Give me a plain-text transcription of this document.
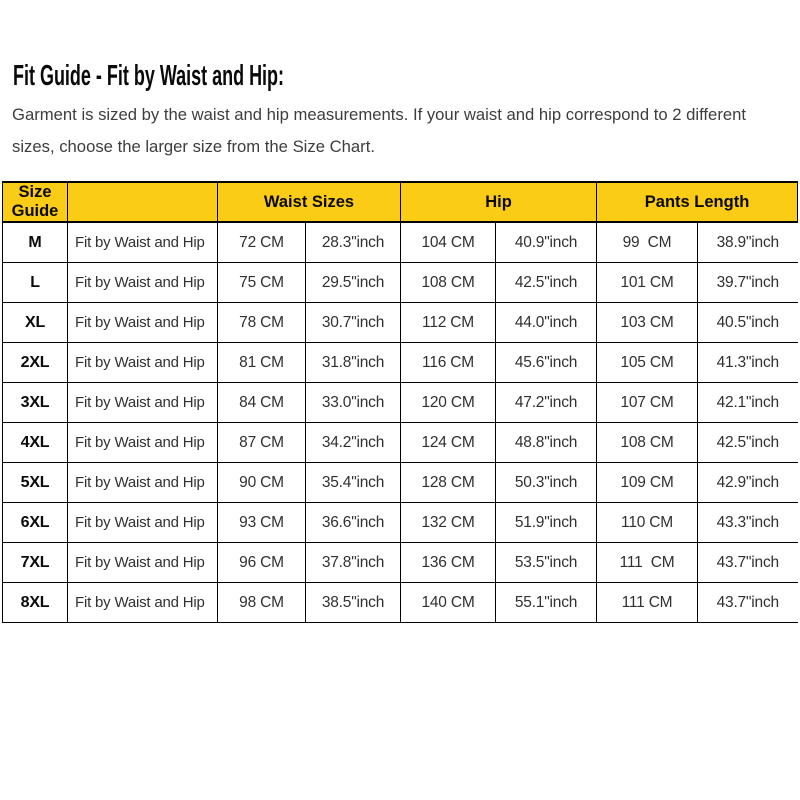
Fit Guide - Fit by Waist and Hip:
Garment is sized by the waist and hip measurements. If your waist and hip correspond to 2 different
sizes, choose the larger size from the Size Chart.
Size Guide		Waist Sizes		Hip		Pants Length	
M	Fit by Waist and Hip	72 CM	28.3"inch	104 CM	40.9"inch	99  CM	38.9"inch
L	Fit by Waist and Hip	75 CM	29.5"inch	108 CM	42.5"inch	101 CM	39.7"inch
XL	Fit by Waist and Hip	78 CM	30.7"inch	112 CM	44.0"inch	103 CM	40.5"inch
2XL	Fit by Waist and Hip	81 CM	31.8"inch	116 CM	45.6"inch	105 CM	41.3"inch
3XL	Fit by Waist and Hip	84 CM	33.0"inch	120 CM	47.2"inch	107 CM	42.1"inch
4XL	Fit by Waist and Hip	87 CM	34.2"inch	124 CM	48.8"inch	108 CM	42.5"inch
5XL	Fit by Waist and Hip	90 CM	35.4"inch	128 CM	50.3"inch	109 CM	42.9"inch
6XL	Fit by Waist and Hip	93 CM	36.6"inch	132 CM	51.9"inch	110 CM	43.3"inch
7XL	Fit by Waist and Hip	96 CM	37.8"inch	136 CM	53.5"inch	111  CM	43.7"inch
8XL	Fit by Waist and Hip	98 CM	38.5"inch	140 CM	55.1"inch	111 CM	43.7"inch
